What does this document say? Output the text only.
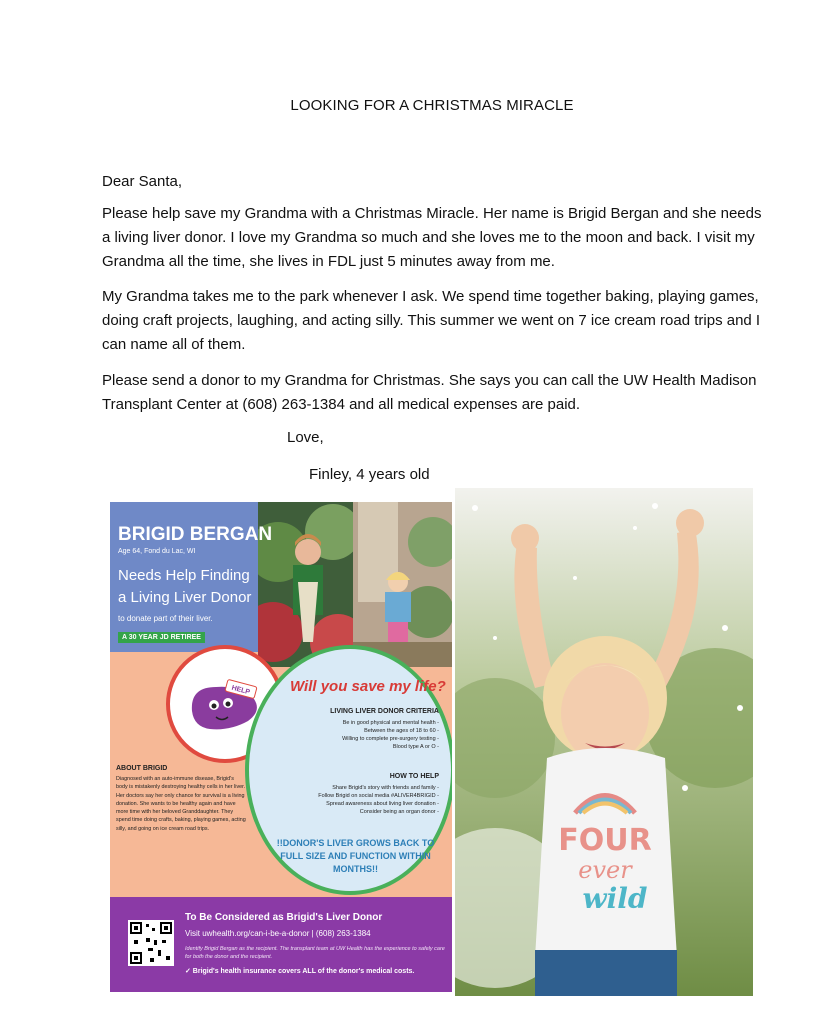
LOOKING FOR A CHRISTMAS MIRACLE
Dear Santa,
Please help save my Grandma with a Christmas Miracle. Her name is Brigid Bergan and she needs a living liver donor. I love my Grandma so much and she loves me to the moon and back. I visit my Grandma all the time, she lives in FDL just 5 minutes away from me.
My Grandma takes me to the park whenever I ask. We spend time together baking, playing games, doing craft projects, laughing, and acting silly. This summer we went on 7 ice cream road trips and I can name all of them.
Please send a donor to my Grandma for Christmas. She says you can call the UW Health Madison Transplant Center at (608) 263-1384 and all medical expenses are paid.
Love,
Finley, 4 years old
BRIGID BERGAN
Age 64, Fond du Lac, WI
Needs Help Finding a Living Liver Donor
to donate part of their liver.
A 30 YEAR JD RETIREE
HELP	Will you save my life?
LIVING LIVER DONOR CRITERIA
Be in good physical and mental health -
Between the ages of 18 to 60 -
Willing to complete pre-surgery testing -
Blood type A or O -
HOW TO HELP
Share Brigid's story with friends and family -
Follow Brigid on social media #ALIVER4BRIGID -
Spread awareness about living liver donation -
Consider being an organ donor -
!!DONOR'S LIVER GROWS BACK TO FULL SIZE AND FUNCTION WITHIN MONTHS!!
ABOUT BRIGID
Diagnosed with an auto-immune disease, Brigid's body is mistakenly destroying healthy cells in her liver. Her doctors say her only chance for survival is a living donation. She wants to be healthy again and have more time with her beloved Granddaughter. They spend time doing crafts, baking, playing games, acting silly, and going on ice cream road trips.
To Be Considered as Brigid's Liver Donor
Visit uwhealth.org/can-i-be-a-donor | (608) 263-1384
Identify Brigid Bergan as the recipient. The transplant team at UW Health has the experience to safely care for both the donor and the recipient.
✓ Brigid's health insurance covers ALL of the donor's medical costs.
FOUR
ever
wild
